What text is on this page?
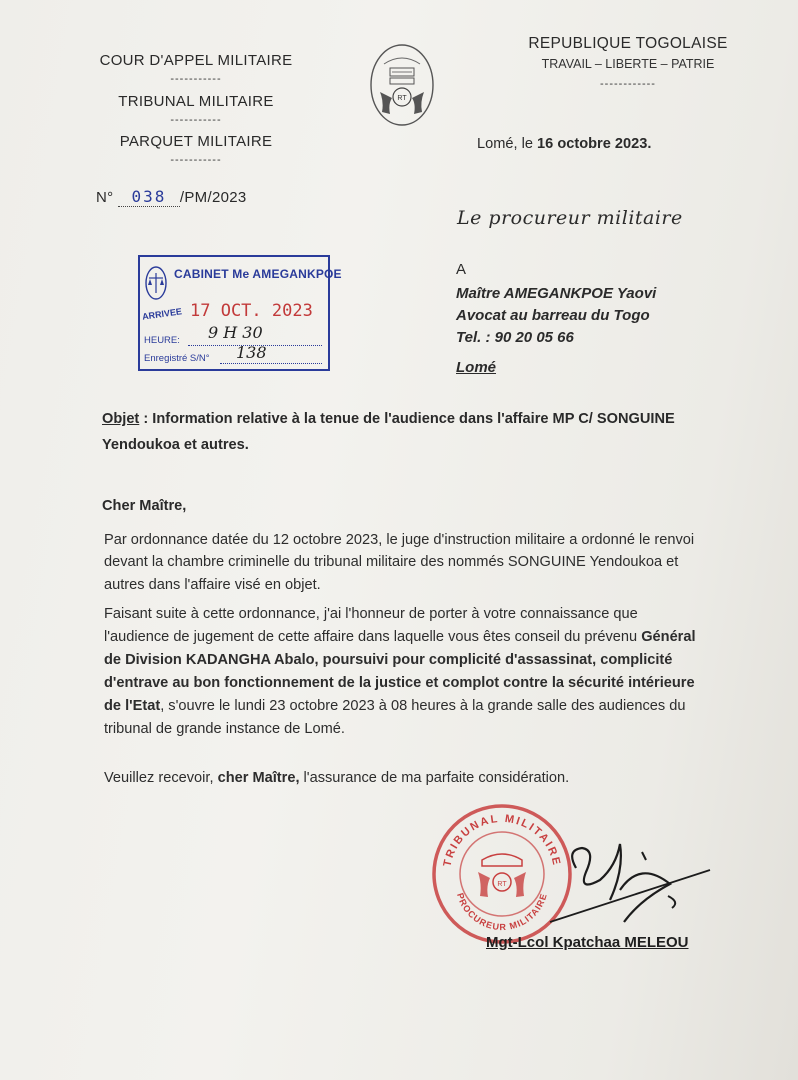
COUR D'APPEL MILITAIRE
-----------
TRIBUNAL MILITAIRE
-----------
PARQUET MILITAIRE
-----------
N° 038 /PM/2023
RT
REPUBLIQUE TOGOLAISE
TRAVAIL – LIBERTE – PATRIE
------------
Lomé, le 16 octobre 2023.
Le procureur militaire
A
Maître AMEGANKPOE Yaovi
Avocat au barreau du Togo
Tel. : 90 20 05 66
Lomé
CABINET Me AMEGANKPOE
ARRIVEE 17 OCT. 2023
HEURE: 9 H 30
Enregistré S/N° 138
Objet : Information relative à la tenue de l'audience dans l'affaire MP C/ SONGUINE
Yendoukoa et autres.
Cher Maître,
Par ordonnance datée du 12 octobre 2023, le juge d'instruction militaire a ordonné le renvoi
devant la chambre criminelle du tribunal militaire des nommés SONGUINE Yendoukoa et
autres dans l'affaire visé en objet.
Faisant suite à cette ordonnance, j'ai l'honneur de porter à votre connaissance que
l'audience de jugement de cette affaire dans laquelle vous êtes conseil du prévenu Général
de Division KADANGHA Abalo, poursuivi pour complicité d'assassinat, complicité
d'entrave au bon fonctionnement de la justice et complot contre la sécurité intérieure
de l'Etat, s'ouvre le lundi 23 octobre 2023 à 08 heures à la grande salle des audiences du
tribunal de grande instance de Lomé.
Veuillez recevoir, cher Maître, l'assurance de ma parfaite considération.
TRIBUNAL MILITAIRE
PROCUREUR MILITAIRE
RT
Mgt-Lcol Kpatchaa MELEOU
